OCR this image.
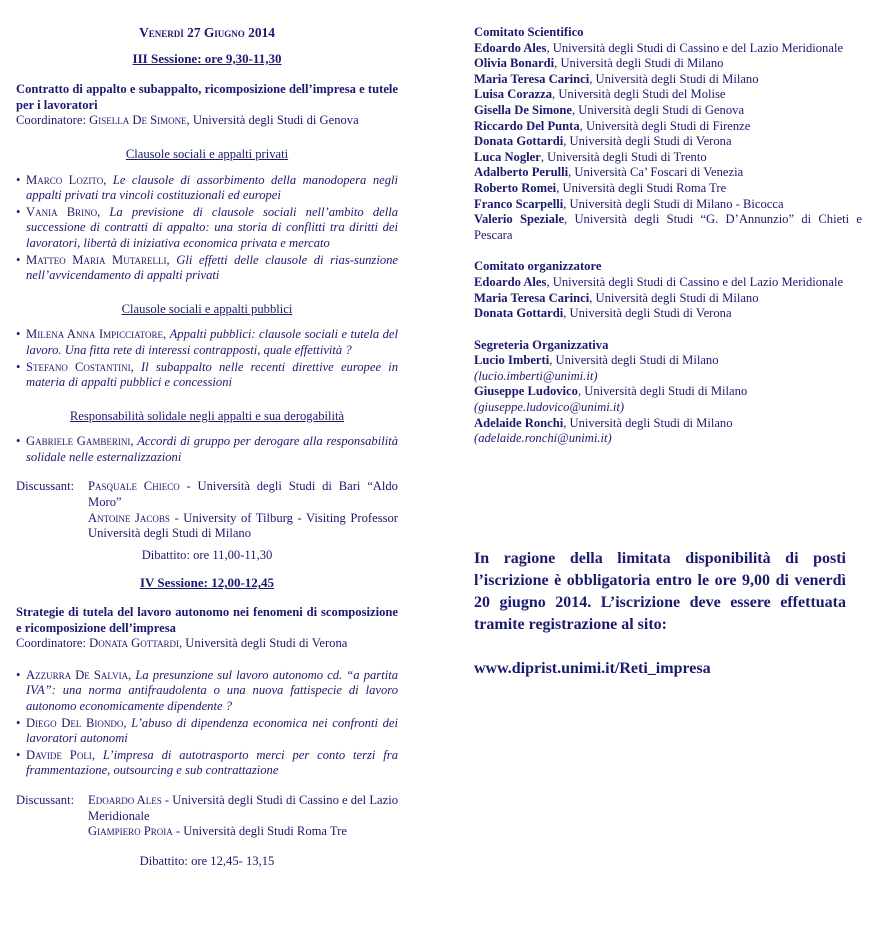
Venerdì 27 Giugno 2014
III Sessione: ore 9,30-11,30
Contratto di appalto e subappalto, ricomposizione dell’impresa e tutele per i lavoratori
Coordinatore: Gisella De Simone, Università degli Studi di Genova
Clausole sociali e appalti privati
• Marco Lozito, Le clausole di assorbimento della manodopera negli appalti privati tra vincoli costituzionali ed europei
• Vania Brino, La previsione di clausole sociali nell’ambito della successione di contratti di appalto: una storia di conflitti tra diritti dei lavoratori, libertà di iniziativa economica privata e mercato
• Matteo Maria Mutarelli, Gli effetti delle clausole di rias-sunzione nell’avvicendamento di appalti privati
Clausole sociali e appalti pubblici
• Milena Anna Impicciatore, Appalti pubblici: clausole sociali e tutela del lavoro. Una fitta rete di interessi contrapposti, quale effettività ?
• Stefano Costantini, Il subappalto nelle recenti direttive europee in materia di appalti pubblici e concessioni
Responsabilità solidale negli appalti e sua derogabilità
• Gabriele Gamberini, Accordi di gruppo per derogare alla responsabilità solidale nelle esternalizzazioni
Discussant:	Pasquale Chieco - Università degli Studi di Bari “Aldo Moro”
Antoine Jacobs - University of Tilburg - Visiting Professor Università degli Studi di Milano
Dibattito: ore 11,00-11,30
IV Sessione: 12,00-12,45
Strategie di tutela del lavoro autonomo nei fenomeni di scomposizione e ricomposizione dell’impresa
Coordinatore: Donata Gottardi, Università degli Studi di Verona
• Azzurra De Salvia, La presunzione sul lavoro autonomo cd. “a partita IVA”: una norma antifraudolenta o una nuova fattispecie di lavoro autonomo economicamente dipendente ?
• Diego Del Biondo, L’abuso di dipendenza economica nei confronti dei lavoratori autonomi
• Davide Poli, L’impresa di autotrasporto merci per conto terzi fra frammentazione, outsourcing e sub contrattazione
Discussant:	Edoardo Ales - Università degli Studi di Cassino e del Lazio Meridionale
Giampiero Proia - Università degli Studi Roma Tre
Dibattito: ore 12,45- 13,15
Comitato Scientifico
Edoardo Ales, Università degli Studi di Cassino e del Lazio Meridionale
Olivia Bonardi, Università degli Studi di Milano
Maria Teresa Carinci, Università degli Studi di Milano
Luisa Corazza, Università degli Studi del Molise
Gisella De Simone, Università degli Studi di Genova
Riccardo Del Punta, Università degli Studi di Firenze
Donata Gottardi, Università degli Studi di Verona
Luca Nogler, Università degli Studi di Trento
Adalberto Perulli, Università Ca’ Foscari di Venezia
Roberto Romei, Università degli Studi Roma Tre
Franco Scarpelli, Università degli Studi di Milano - Bicocca
Valerio Speziale, Università degli Studi “G. D’Annunzio” di Chieti e Pescara
Comitato organizzatore
Edoardo Ales, Università degli Studi di Cassino e del Lazio Meridionale
Maria Teresa Carinci, Università degli Studi di Milano
Donata Gottardi, Università degli Studi di Verona
Segreteria Organizzativa
Lucio Imberti, Università degli Studi di Milano
(lucio.imberti@unimi.it)
Giuseppe Ludovico, Università degli Studi di Milano
(giuseppe.ludovico@unimi.it)
Adelaide Ronchi, Università degli Studi di Milano
(adelaide.ronchi@unimi.it)
In ragione della limitata disponibilità di posti l’iscrizione è obbligatoria entro le ore 9,00 di venerdì 20 giugno 2014. L’iscrizione deve essere effettuata tramite registrazione al sito:
www.diprist.unimi.it/Reti_impresa
